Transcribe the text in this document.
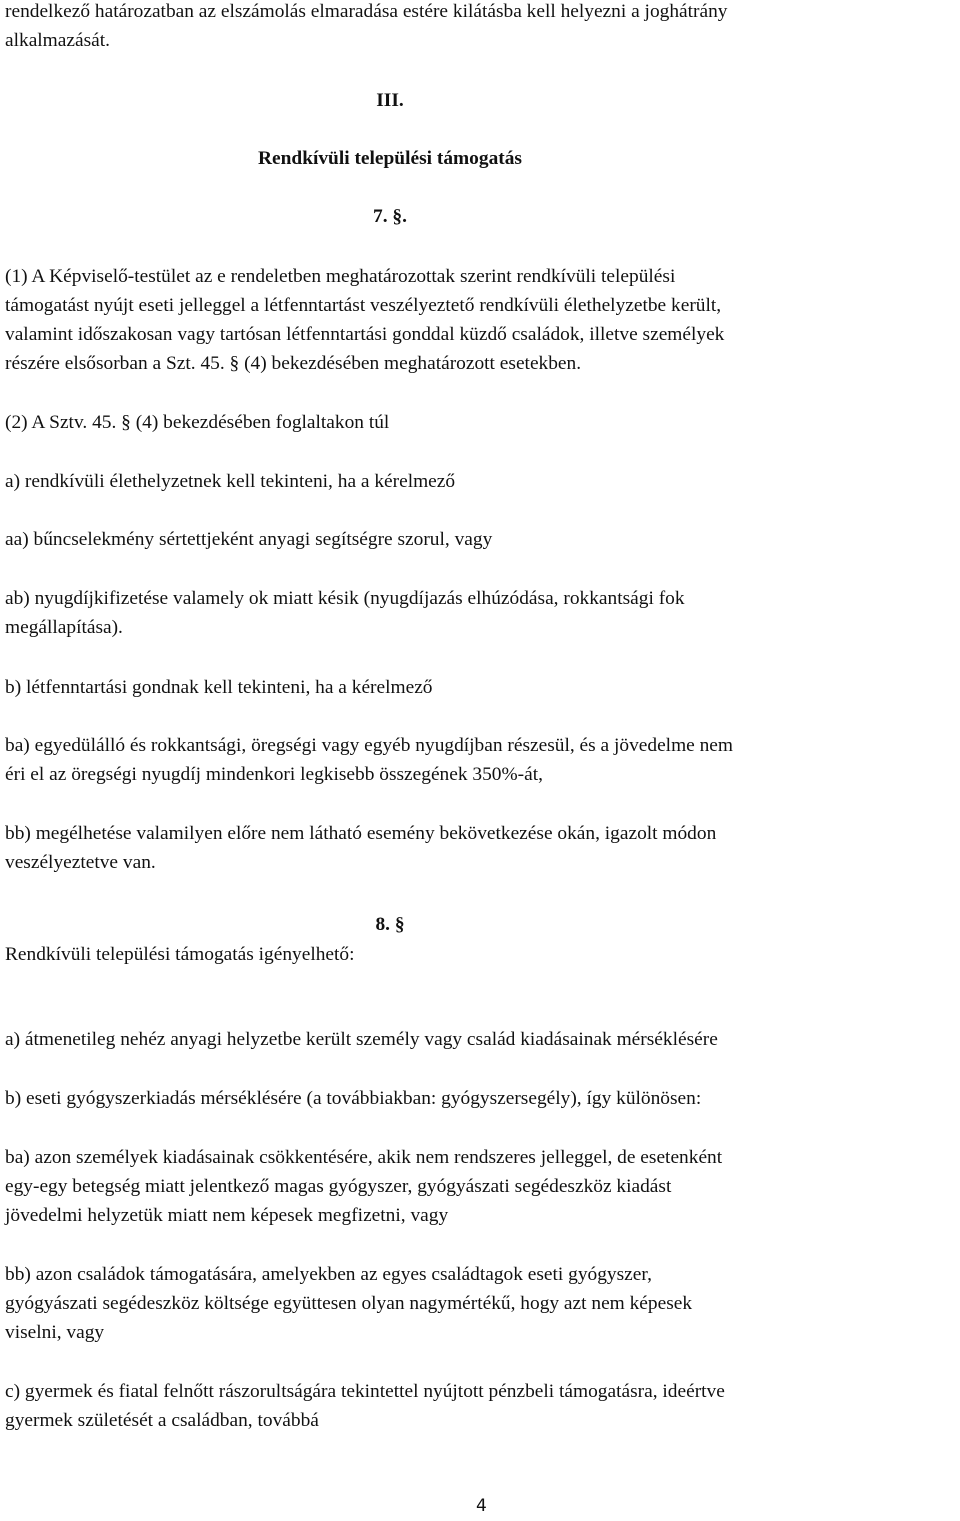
rendelkező határozatban az elszámolás elmaradása estére kilátásba kell helyezni a joghátrány

alkalmazását.

III.

Rendkívüli települési támogatás

7. §.

(1) A Képviselő-testület az e rendeletben meghatározottak szerint rendkívüli települési

támogatást nyújt eseti jelleggel a létfenntartást veszélyeztető rendkívüli élethelyzetbe került,

valamint időszakosan vagy tartósan létfenntartási gonddal küzdő családok, illetve személyek

részére elsősorban a Szt. 45. § (4) bekezdésében meghatározott esetekben.

(2) A Sztv. 45. § (4) bekezdésében foglaltakon túl

a) rendkívüli élethelyzetnek kell tekinteni, ha a kérelmező

aa) bűncselekmény sértettjeként anyagi segítségre szorul, vagy

ab) nyugdíjkifizetése valamely ok miatt késik (nyugdíjazás elhúzódása, rokkantsági fok

megállapítása).

b) létfenntartási gondnak kell tekinteni, ha a kérelmező

ba) egyedülálló és rokkantsági, öregségi vagy egyéb nyugdíjban részesül, és a jövedelme nem

éri el az öregségi nyugdíj mindenkori legkisebb összegének 350%-át,

bb) megélhetése valamilyen előre nem látható esemény bekövetkezése okán, igazolt módon

veszélyeztetve van.

8. §

Rendkívüli települési támogatás igényelhető:

a) átmenetileg nehéz anyagi helyzetbe került személy vagy család kiadásainak mérséklésére

b) eseti gyógyszerkiadás mérséklésére (a továbbiakban: gyógyszersegély), így különösen:

ba) azon személyek kiadásainak csökkentésére, akik nem rendszeres jelleggel, de esetenként

egy-egy betegség miatt jelentkező magas gyógyszer, gyógyászati segédeszköz kiadást

jövedelmi helyzetük miatt nem képesek megfizetni, vagy

bb) azon családok támogatására, amelyekben az egyes családtagok eseti gyógyszer,

gyógyászati segédeszköz költsége együttesen olyan nagymértékű, hogy azt nem képesek

viselni, vagy

c) gyermek és fiatal felnőtt rászorultságára tekintettel nyújtott pénzbeli támogatásra, ideértve

gyermek születését a családban, továbbá

4
